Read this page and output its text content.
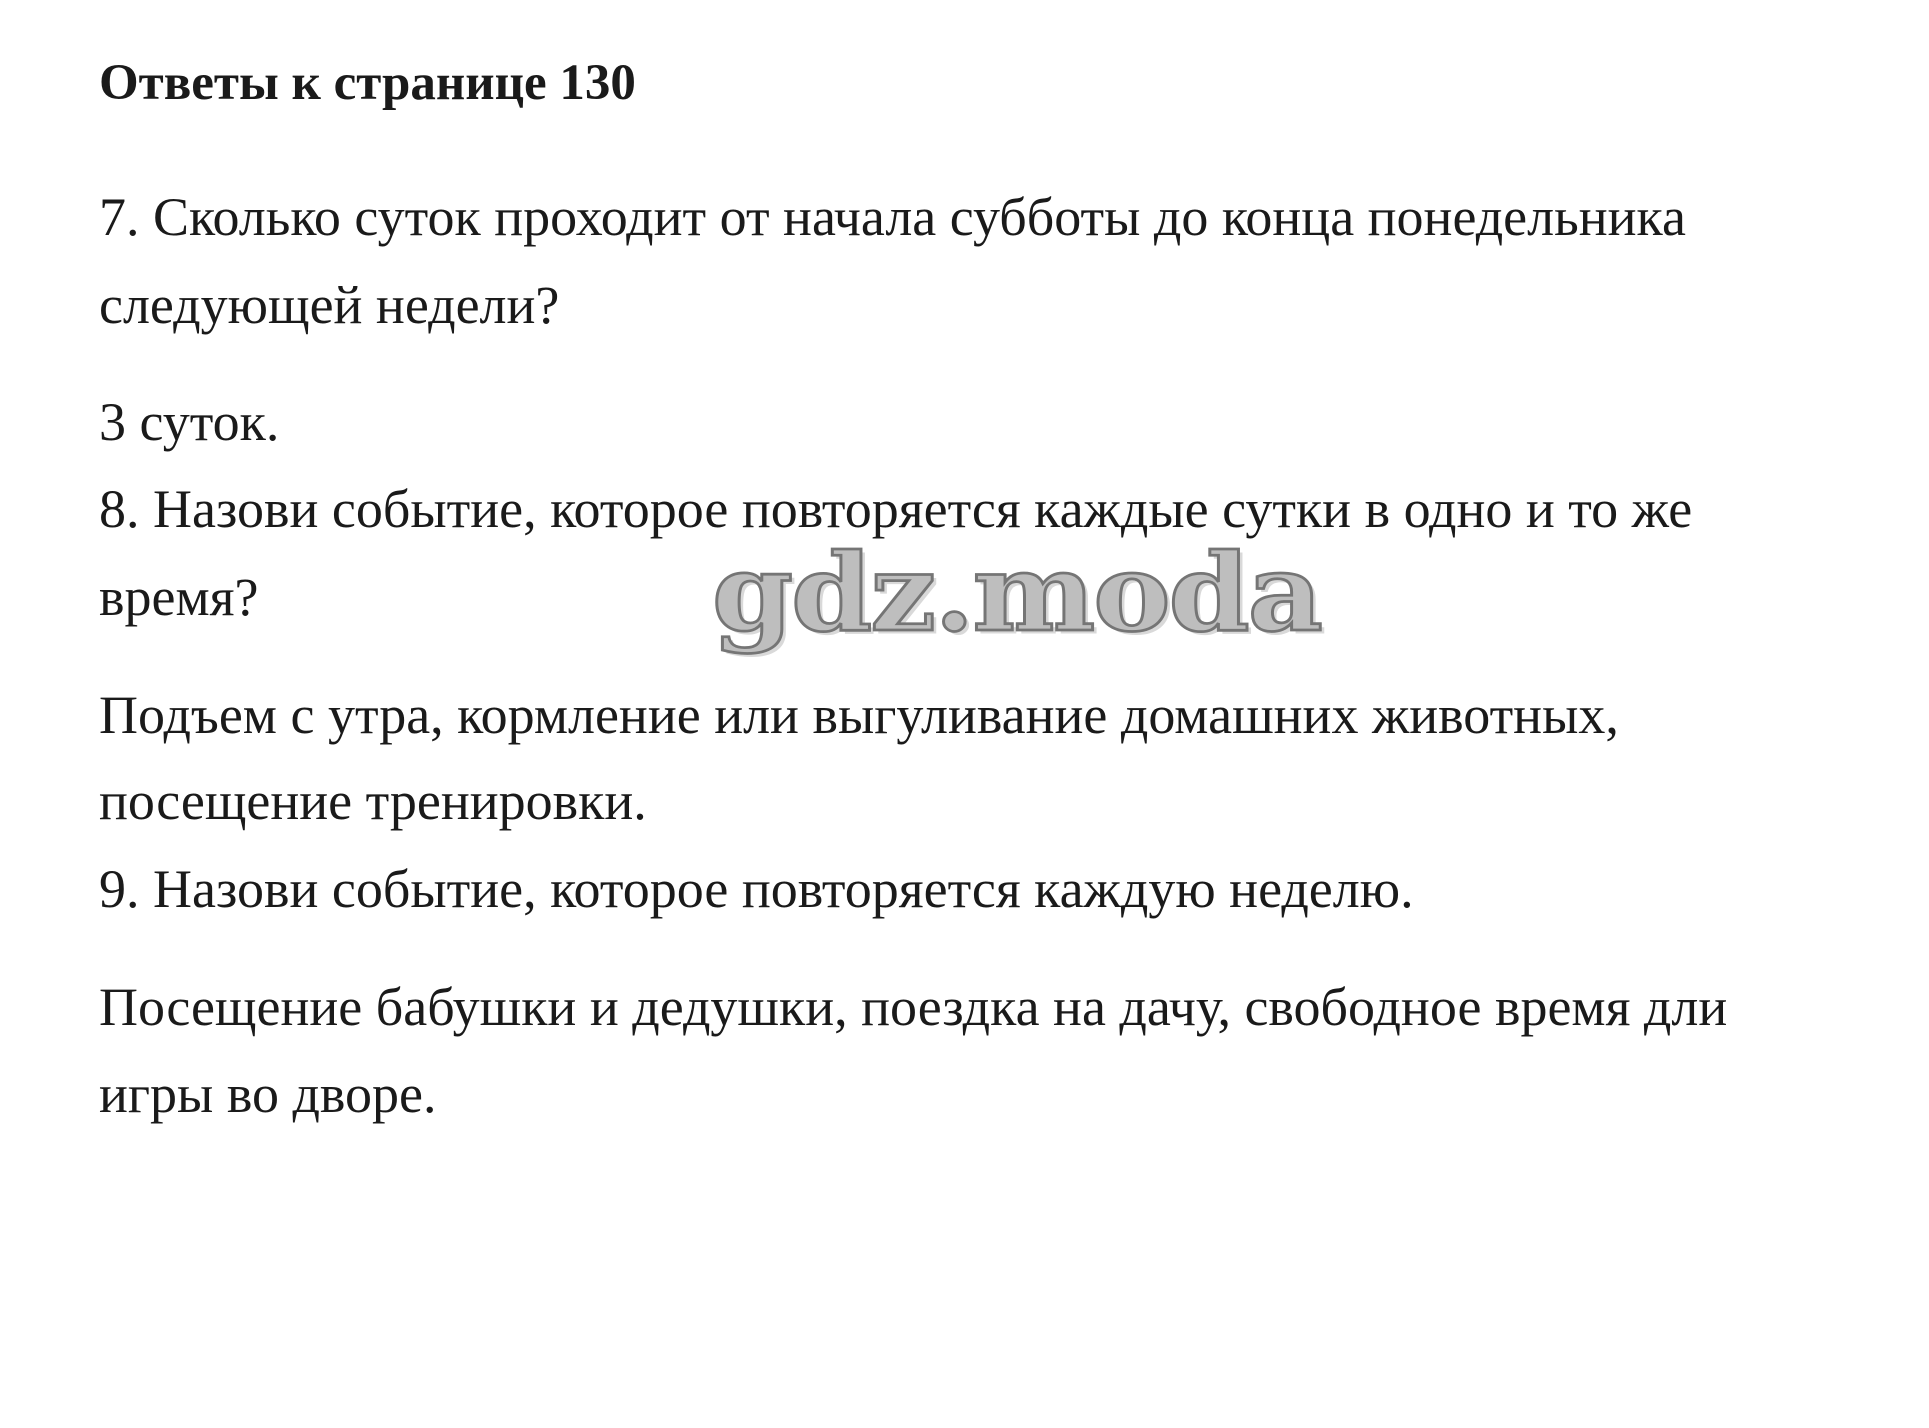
Ответы к странице 130

7. Сколько суток проходит от начала субботы до конца понедельника

следующей недели?

3 суток.

8. Назови событие, которое повторяется каждые сутки в одно и то же

время?

Подъем с утра, кормление или выгуливание домашних животных,

посещение тренировки.

9. Назови событие, которое повторяется каждую неделю.

Посещение бабушки и дедушки, поездка на дачу, свободное время дли

игры во дворе.

gdz.moda
